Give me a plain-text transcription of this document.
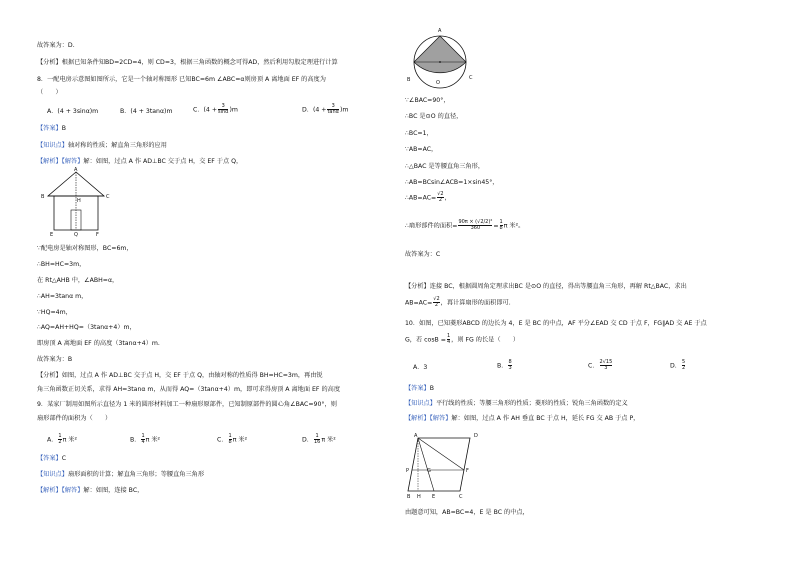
故答案为：D.
【分析】根据已知条件知BD=2CD=4，则 CD=3，根据三角函数的概念可得AD，然后利用勾股定理进行计算
8．一配电房示意图如图所示，它是一个轴对称图形 已知BC=6m ∠ABC=α则房顶 A 离地面 EF 的高度为
（　　）
A．(4 + 3sinα)m	B．(4 + 3tanα)m	C．$(4 + \frac{3}{\sin\alpha} )m$	D．$(4 + \frac{3}{\tan\alpha} )m$
【答案】B
【知识点】轴对称的性质；解直角三角形的应用
【解析】【解答】解：如图，过点 A 作 AD⊥BC 交于点 H，交 EF 于点 Q，
A
B	C
H
E	Q	F
∵配电房是轴对称图形，BC=6m，
∴BH=HC=3m，
在 Rt△AHB 中，∠ABH=α，
∴AH=3tanα m，
∵HQ=4m，
∴AQ=AH+HQ=（3tanα+4）m，
即房顶 A 离地面 EF 的高度（3tanα+4）m.
故答案为：B
【分析】如图，过点 A 作 AD⊥BC 交于点 H，交 EF 于点 Q，由轴对称的性质得 BH=HC=3m，再由锐
角三角函数正切关系，求得 AH=3tanα m，从而得 AQ=（3tanα+4）m，即可求得房顶 A 离地面 EF 的高度
9．某家厂制用如图所示直径为 1 米的圆形材料加工一种扇形原部件，已知制原部件的圆心角∠BAC=90°，则
扇形部件的面积为（　　）
A． $\frac{1}{2}$ π 米²	B． $\frac{1}{4}$ π 米²	C． $\frac{1}{8}$ π 米²	D． $\frac{1}{16}$ π 米²
【答案】C
【知识点】扇形面积的计算；解直角三角形；等腰直角三角形
【解析】【解答】解：如图，连接 BC，
A
B	C
O
∵∠BAC=90°，
∴BC 是⊙O 的直径，
∴BC=1，
∵AB=AC，
∴△BAC 是等腰直角三角形，
∴AB=BCsin∠ACB=1×sin45°，
∴AB=AC= $\frac{√2}{2}$ ，
∴扇形部件的面积= $\frac{\text{90π × (√2/2)²}}{360} = \frac{1}{8}$ π 米²。
故答案为：C
【分析】连接 BC，根据圆周角定理求出BC 是⊙O 的直径，得出等腰直角三角形，再解 Rt△BAC，求出
$AB=AC= \frac{√2}{2}$ ，再计算扇形的面积即可.
10．如图，已知菱形ABCD 的边长为 4，E 是 BC 的中点，AF 平分∠EAD 交 CD 于点 F，FG∥AD 交 AE 于点
G，若 $\cos B = \frac{1}{4}$ ，则 FG 的长是（　　）
A．3	B． $\frac{8}{3}$	C． $\frac{2√15}{3}$	D． $\frac{5}{2}$
【答案】B
【知识点】平行线的性质；等腰三角形的性质；菱形的性质；锐角三角函数的定义
【解析】【解答】解：如图，过点 A 作 AH 垂直 BC 于点 H，延长 FG 交 AB 于点 P，
A	D
P	G	F
B H E	C
由题意可知，AB=BC=4，E 是 BC 的中点，
